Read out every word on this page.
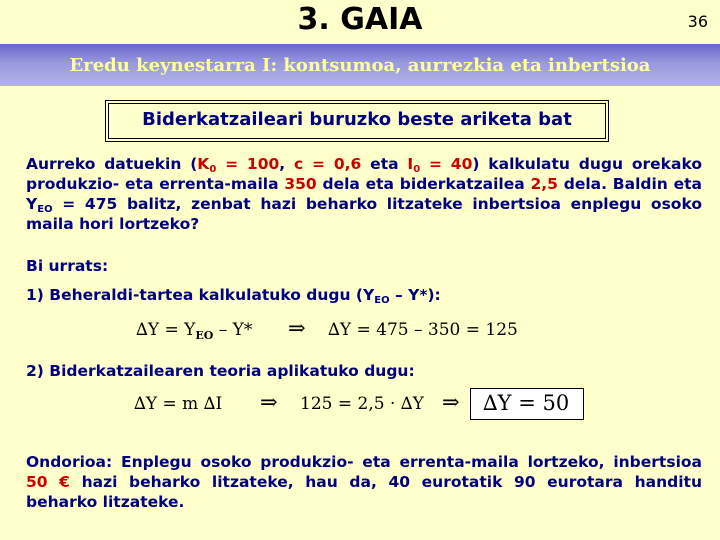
3. GAIA	36
Eredu keynestarra I: kontsumoa, aurrezkia eta inbertsioa
Biderkatzaileari buruzko beste ariketa bat
Aurreko datuekin ($K_0 = 100$, c = 0,6 eta $I_0 = 40$) kalkulatu dugu orekako produkzio- eta errenta-maila 350 dela eta biderkatzailea 2,5 dela. Baldin eta $Y_{EO} = 475$ balitz, zenbat hazi beharko litzateke inbertsioa enplegu osoko maila hori lortzeko?
Bi urrats:
1) Beheraldi-tartea kalkulatuko dugu $(Y_{EO} - Y*)$:
$\Delta Y = Y_{EO} - Y*$ ⇒ ∆Y = 475 – 350 = 125
2) Biderkatzailearen teoria aplikatuko dugu:
∆Y = m ∆I ⇒ 125 = 2,5 · ∆Y ⇒ ∆Y = 50
Ondorioa: Enplegu osoko produkzio- eta errenta-maila lortzeko, inbertsioa 50 € hazi beharko litzateke, hau da, 40 eurotatik 90 eurotara handitu beharko litzateke.
